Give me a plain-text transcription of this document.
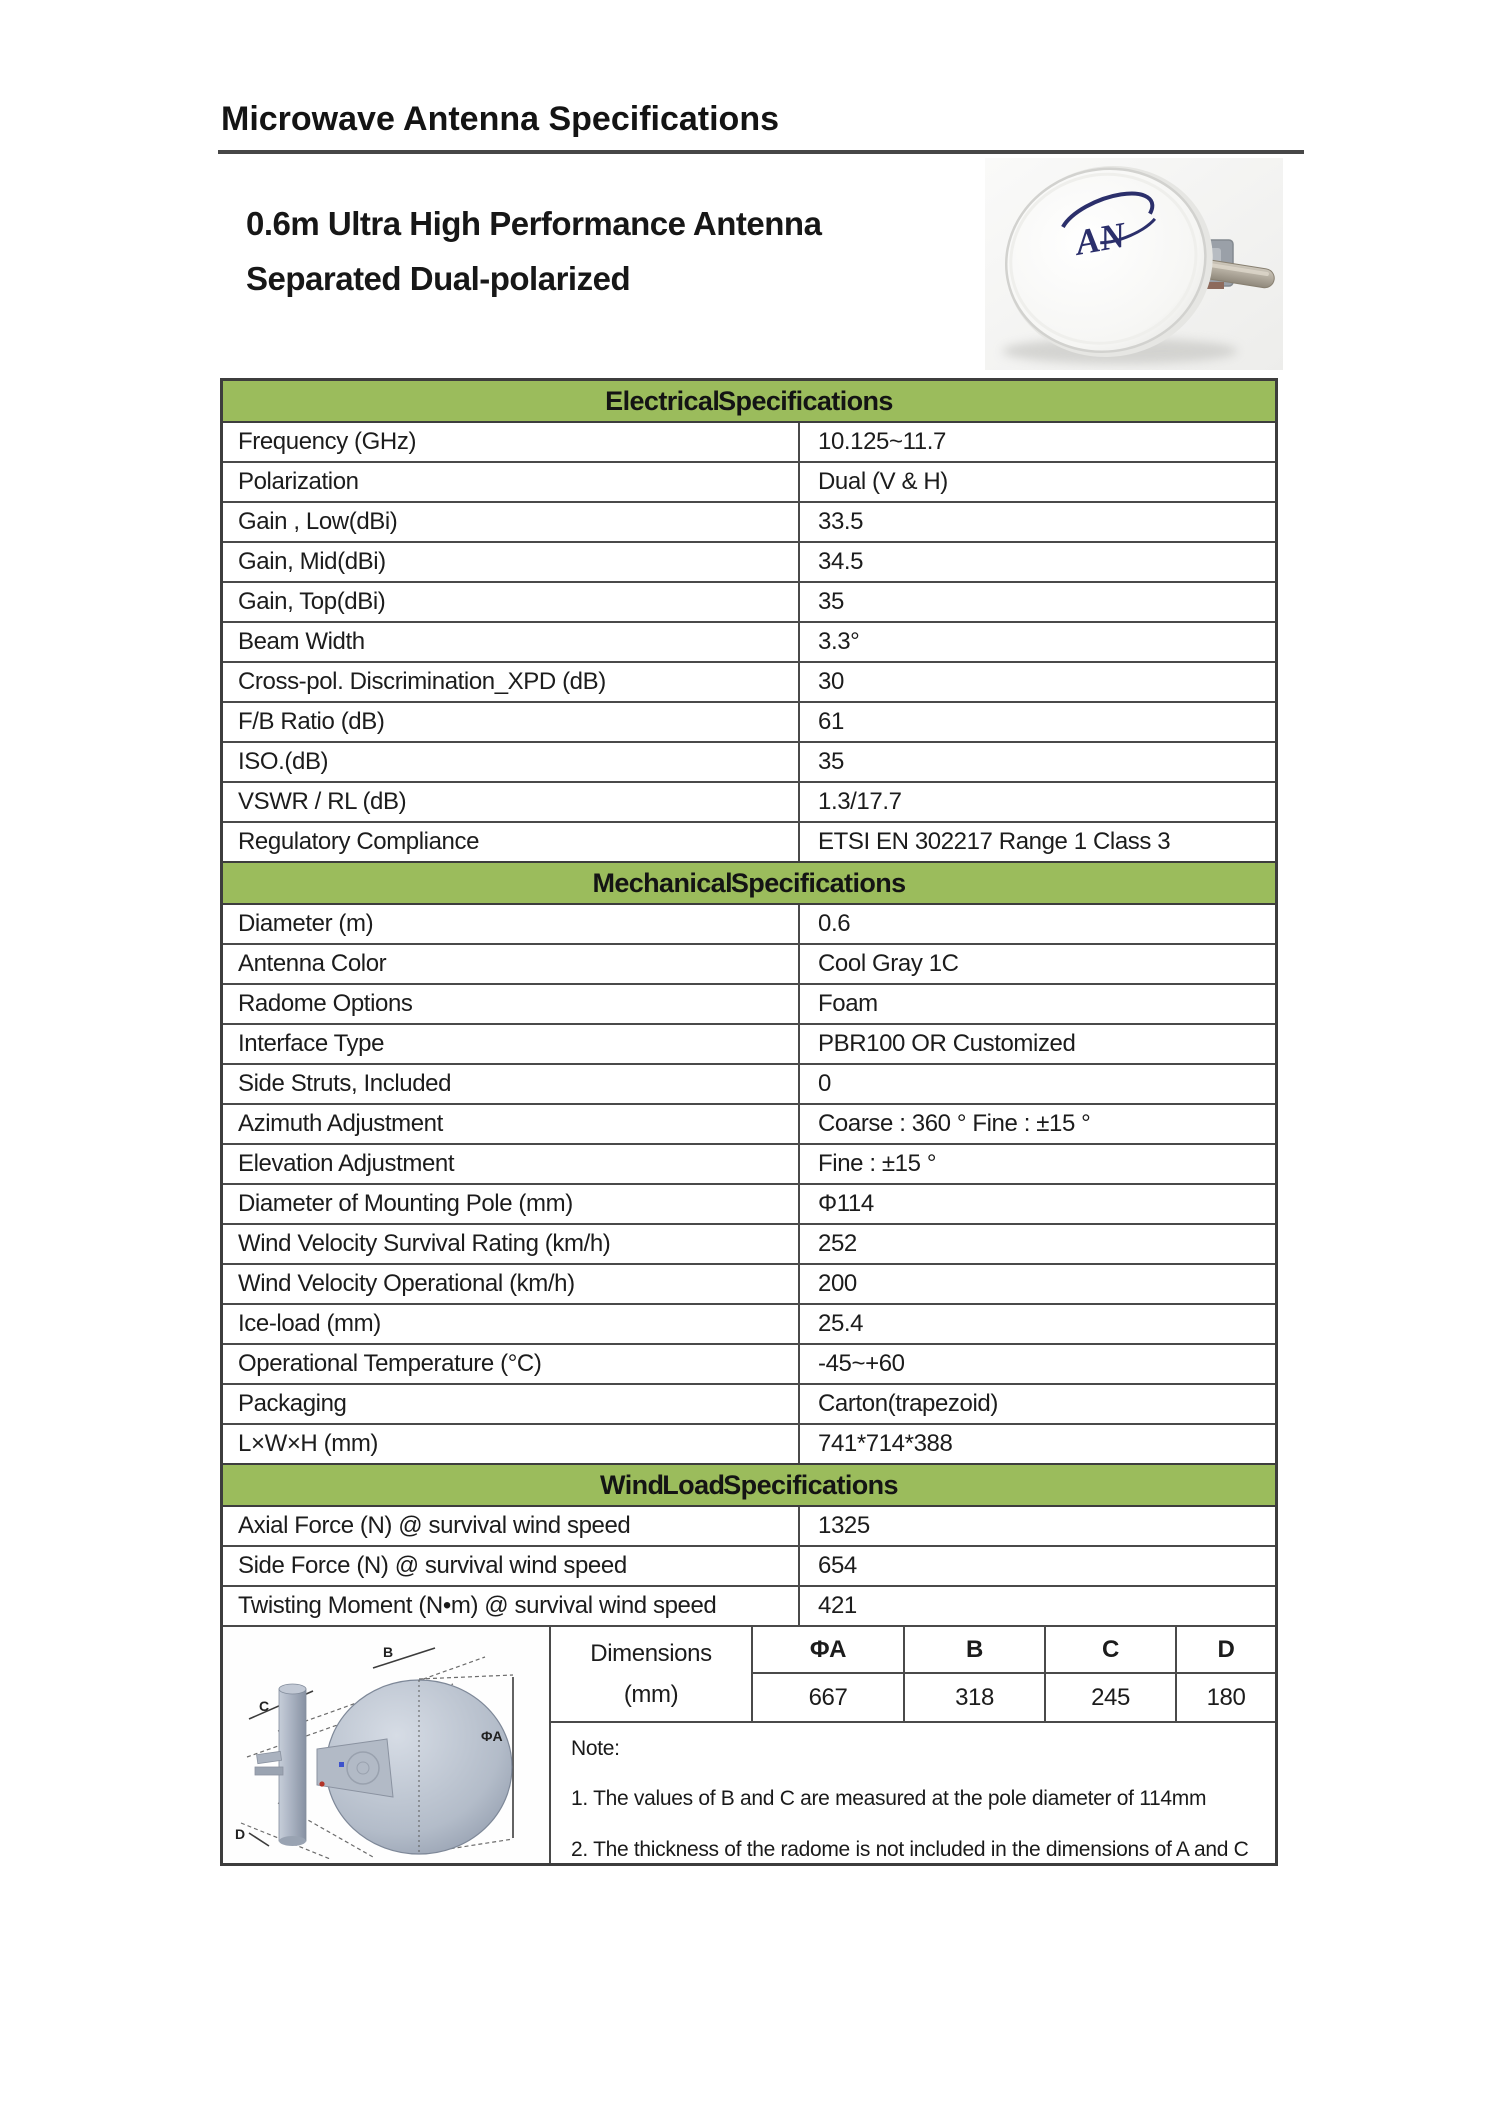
Microwave Antenna Specifications
0.6m Ultra High Performance Antenna
Separated Dual-polarized
AN
Electrical Specifications
Frequency (GHz)	10.125~11.7
Polarization	Dual (V & H)
Gain , Low(dBi)	33.5
Gain, Mid(dBi)	34.5
Gain, Top(dBi)	35
Beam Width	3.3°
Cross-pol. Discrimination_XPD (dB)	30
F/B Ratio (dB)	61
ISO.(dB)	35
VSWR / RL (dB)	1.3/17.7
Regulatory Compliance	ETSI EN 302217 Range 1 Class 3
Mechanical Specifications
Diameter (m)	0.6
Antenna Color	Cool Gray 1C
Radome Options	Foam
Interface Type	PBR100 OR Customized
Side Struts, Included	0
Azimuth Adjustment	Coarse : 360 ° Fine : ±15 °
Elevation Adjustment	Fine : ±15 °
Diameter of Mounting Pole (mm)	Φ114
Wind Velocity Survival Rating (km/h)	252
Wind Velocity Operational (km/h)	200
Ice-load (mm)	25.4
Operational Temperature (°C)	-45~+60
Packaging	Carton(trapezoid)
L×W×H (mm)	741*714*388
Wind Load Specifications
Axial Force (N) @ survival wind speed	1325
Side Force (N) @ survival wind speed	654
Twisting Moment (N•m) @ survival wind speed	421
B
C
ΦA
D
Dimensions
(mm)
ΦA	B	C	D
667	318	245	180
Note:
1. The values of B and C are measured at the pole diameter of 114mm
2. The thickness of the radome is not included in the dimensions of A and C
